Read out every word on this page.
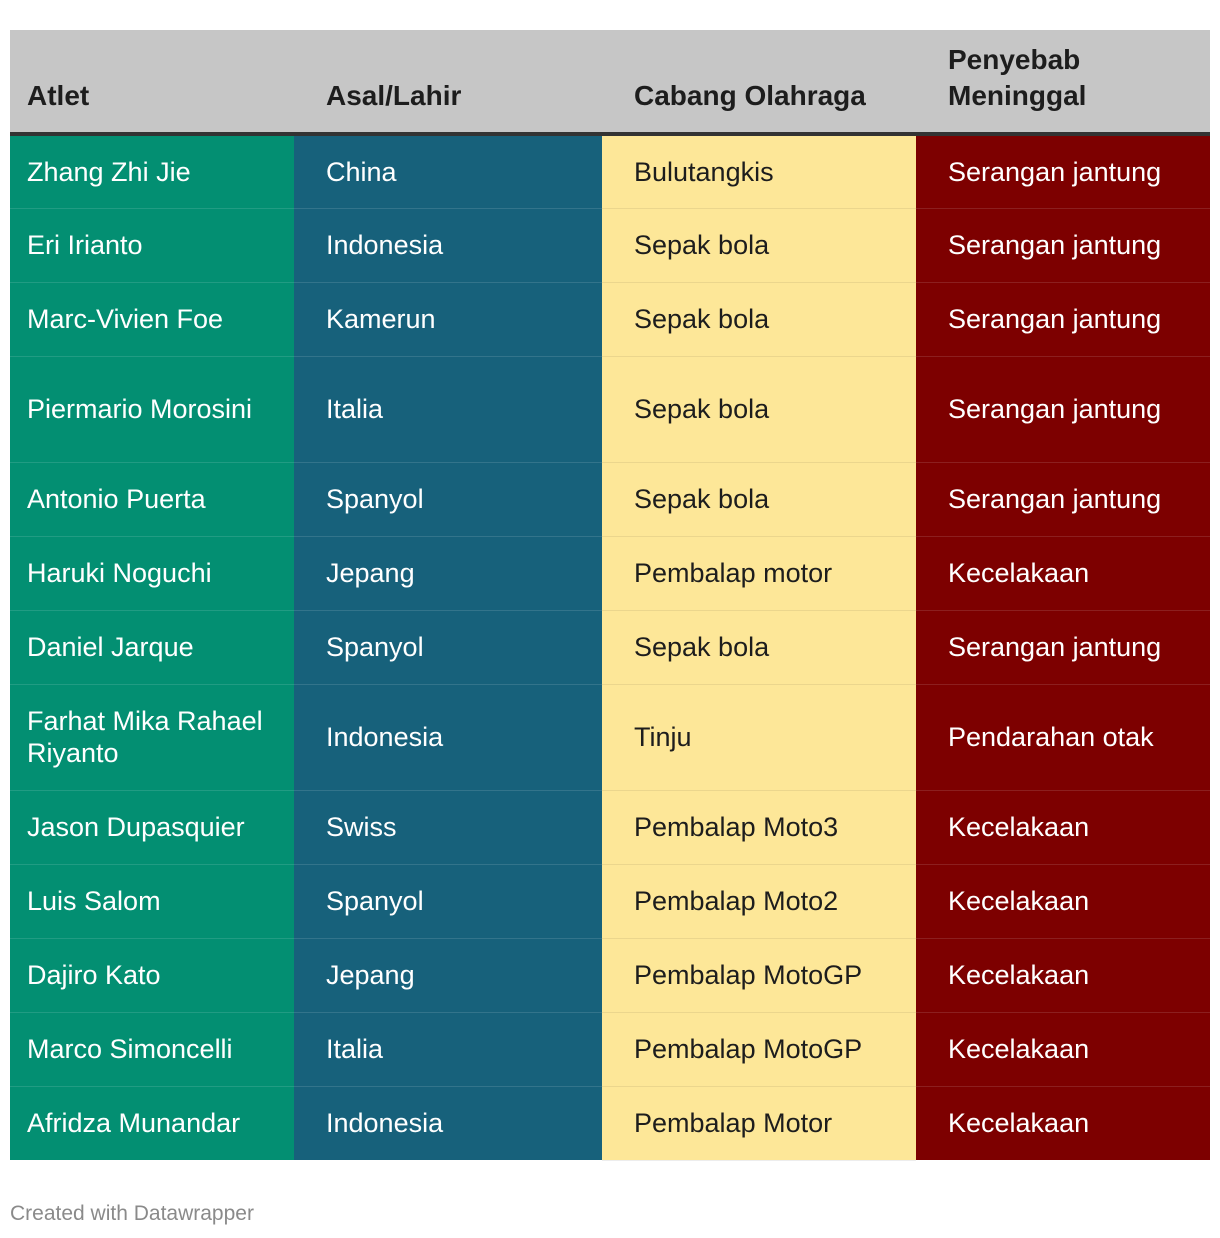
Atlet	Asal/Lahir	Cabang Olahraga	Penyebab Meninggal
Zhang Zhi Jie	China	Bulutangkis	Serangan jantung
Eri Irianto	Indonesia	Sepak bola	Serangan jantung
Marc-Vivien Foe	Kamerun	Sepak bola	Serangan jantung
Piermario Morosini	Italia	Sepak bola	Serangan jantung
Antonio Puerta	Spanyol	Sepak bola	Serangan jantung
Haruki Noguchi	Jepang	Pembalap motor	Kecelakaan
Daniel Jarque	Spanyol	Sepak bola	Serangan jantung
Farhat Mika Rahael Riyanto	Indonesia	Tinju	Pendarahan otak
Jason Dupasquier	Swiss	Pembalap Moto3	Kecelakaan
Luis Salom	Spanyol	Pembalap Moto2	Kecelakaan
Dajiro Kato	Jepang	Pembalap MotoGP	Kecelakaan
Marco Simoncelli	Italia	Pembalap MotoGP	Kecelakaan
Afridza Munandar	Indonesia	Pembalap Motor	Kecelakaan
Created with Datawrapper
